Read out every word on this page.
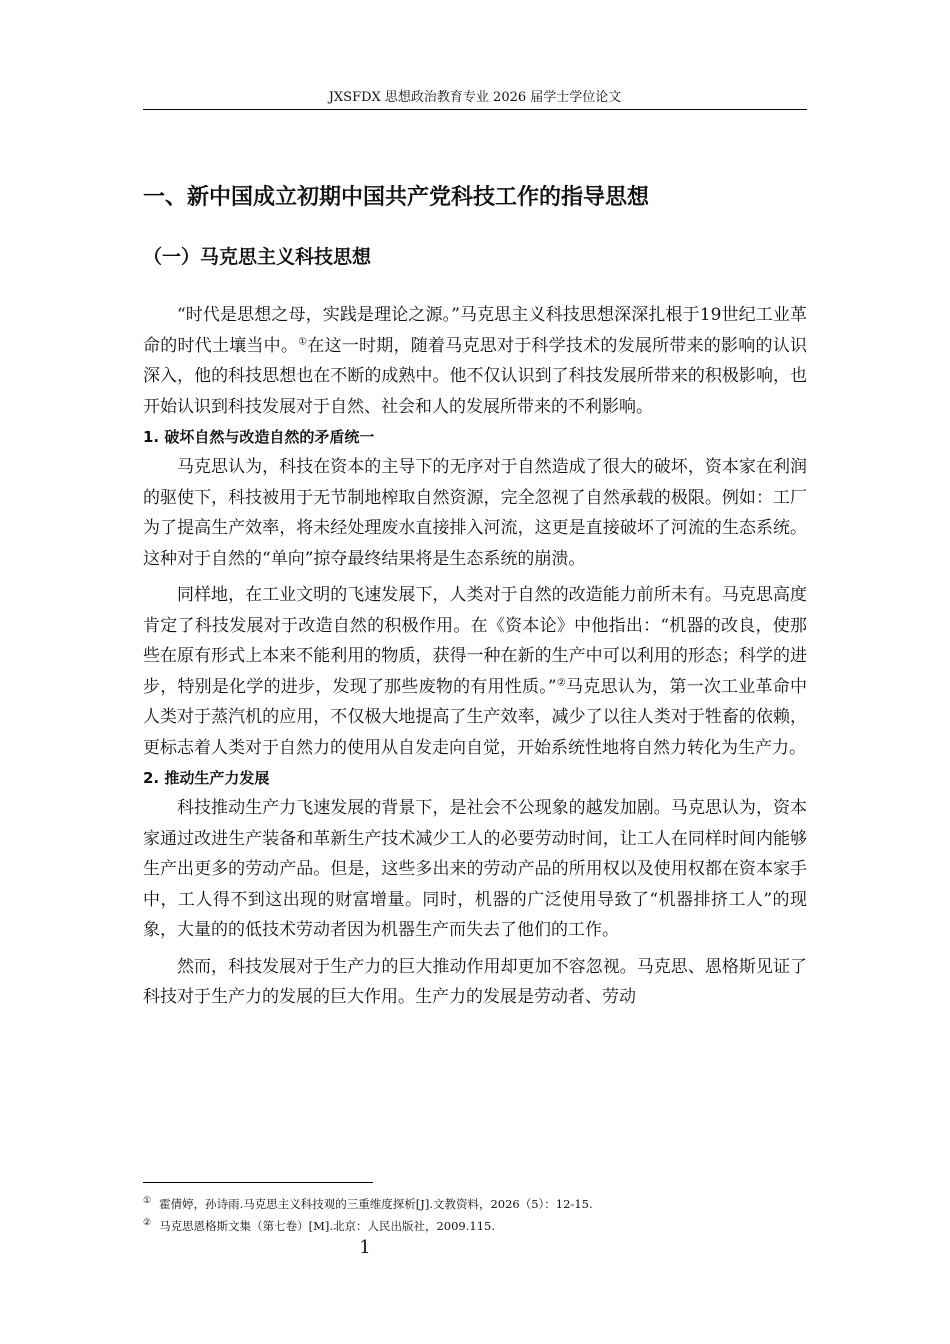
JXSFDX 思想政治教育专业 2026 届学士学位论文
一、新中国成立初期中国共产党科技工作的指导思想
（一）马克思主义科技思想

“时代是思想之母，实践是理论之源。”马克思主义科技思想深深扎根于19世纪工业革命的时代土壤当中。①在这一时期，随着马克思对于科学技术的发展所带来的影响的认识深入，他的科技思想也在不断的成熟中。他不仅认识到了科技发展所带来的积极影响，也开始认识到科技发展对于自然、社会和人的发展所带来的不利影响。

1. 破坏自然与改造自然的矛盾统一

马克思认为，科技在资本的主导下的无序对于自然造成了很大的破坏，资本家在利润的驱使下，科技被用于无节制地榨取自然资源，完全忽视了自然承载的极限。例如：工厂为了提高生产效率，将未经处理废水直接排入河流，这更是直接破坏了河流的生态系统。这种对于自然的“单向”掠夺最终结果将是生态系统的崩溃。

同样地，在工业文明的飞速发展下，人类对于自然的改造能力前所未有。马克思高度肯定了科技发展对于改造自然的积极作用。在《资本论》中他指出：“机器的改良，使那些在原有形式上本来不能利用的物质，获得一种在新的生产中可以利用的形态；科学的进步，特别是化学的进步，发现了那些废物的有用性质。”②马克思认为，第一次工业革命中人类对于蒸汽机的应用，不仅极大地提高了生产效率，减少了以往人类对于牲畜的依赖，更标志着人类对于自然力的使用从自发走向自觉，开始系统性地将自然力转化为生产力。

2. 推动生产力发展

科技推动生产力飞速发展的背景下，是社会不公现象的越发加剧。马克思认为，资本家通过改进生产装备和革新生产技术减少工人的必要劳动时间，让工人在同样时间内能够生产出更多的劳动产品。但是，这些多出来的劳动产品的所用权以及使用权都在资本家手中，工人得不到这出现的财富增量。同时，机器的广泛使用导致了“机器排挤工人”的现象，大量的的低技术劳动者因为机器生产而失去了他们的工作。

然而，科技发展对于生产力的巨大推动作用却更加不容忽视。马克思、恩格斯见证了科技对于生产力的发展的巨大作用。生产力的发展是劳动者、劳动

① 霍倩婷，孙诗雨.马克思主义科技观的三重维度探析[J].文教资料，2026（5）：12-15.
② 马克思恩格斯文集（第七卷）[M].北京：人民出版社，2009.115.
1
